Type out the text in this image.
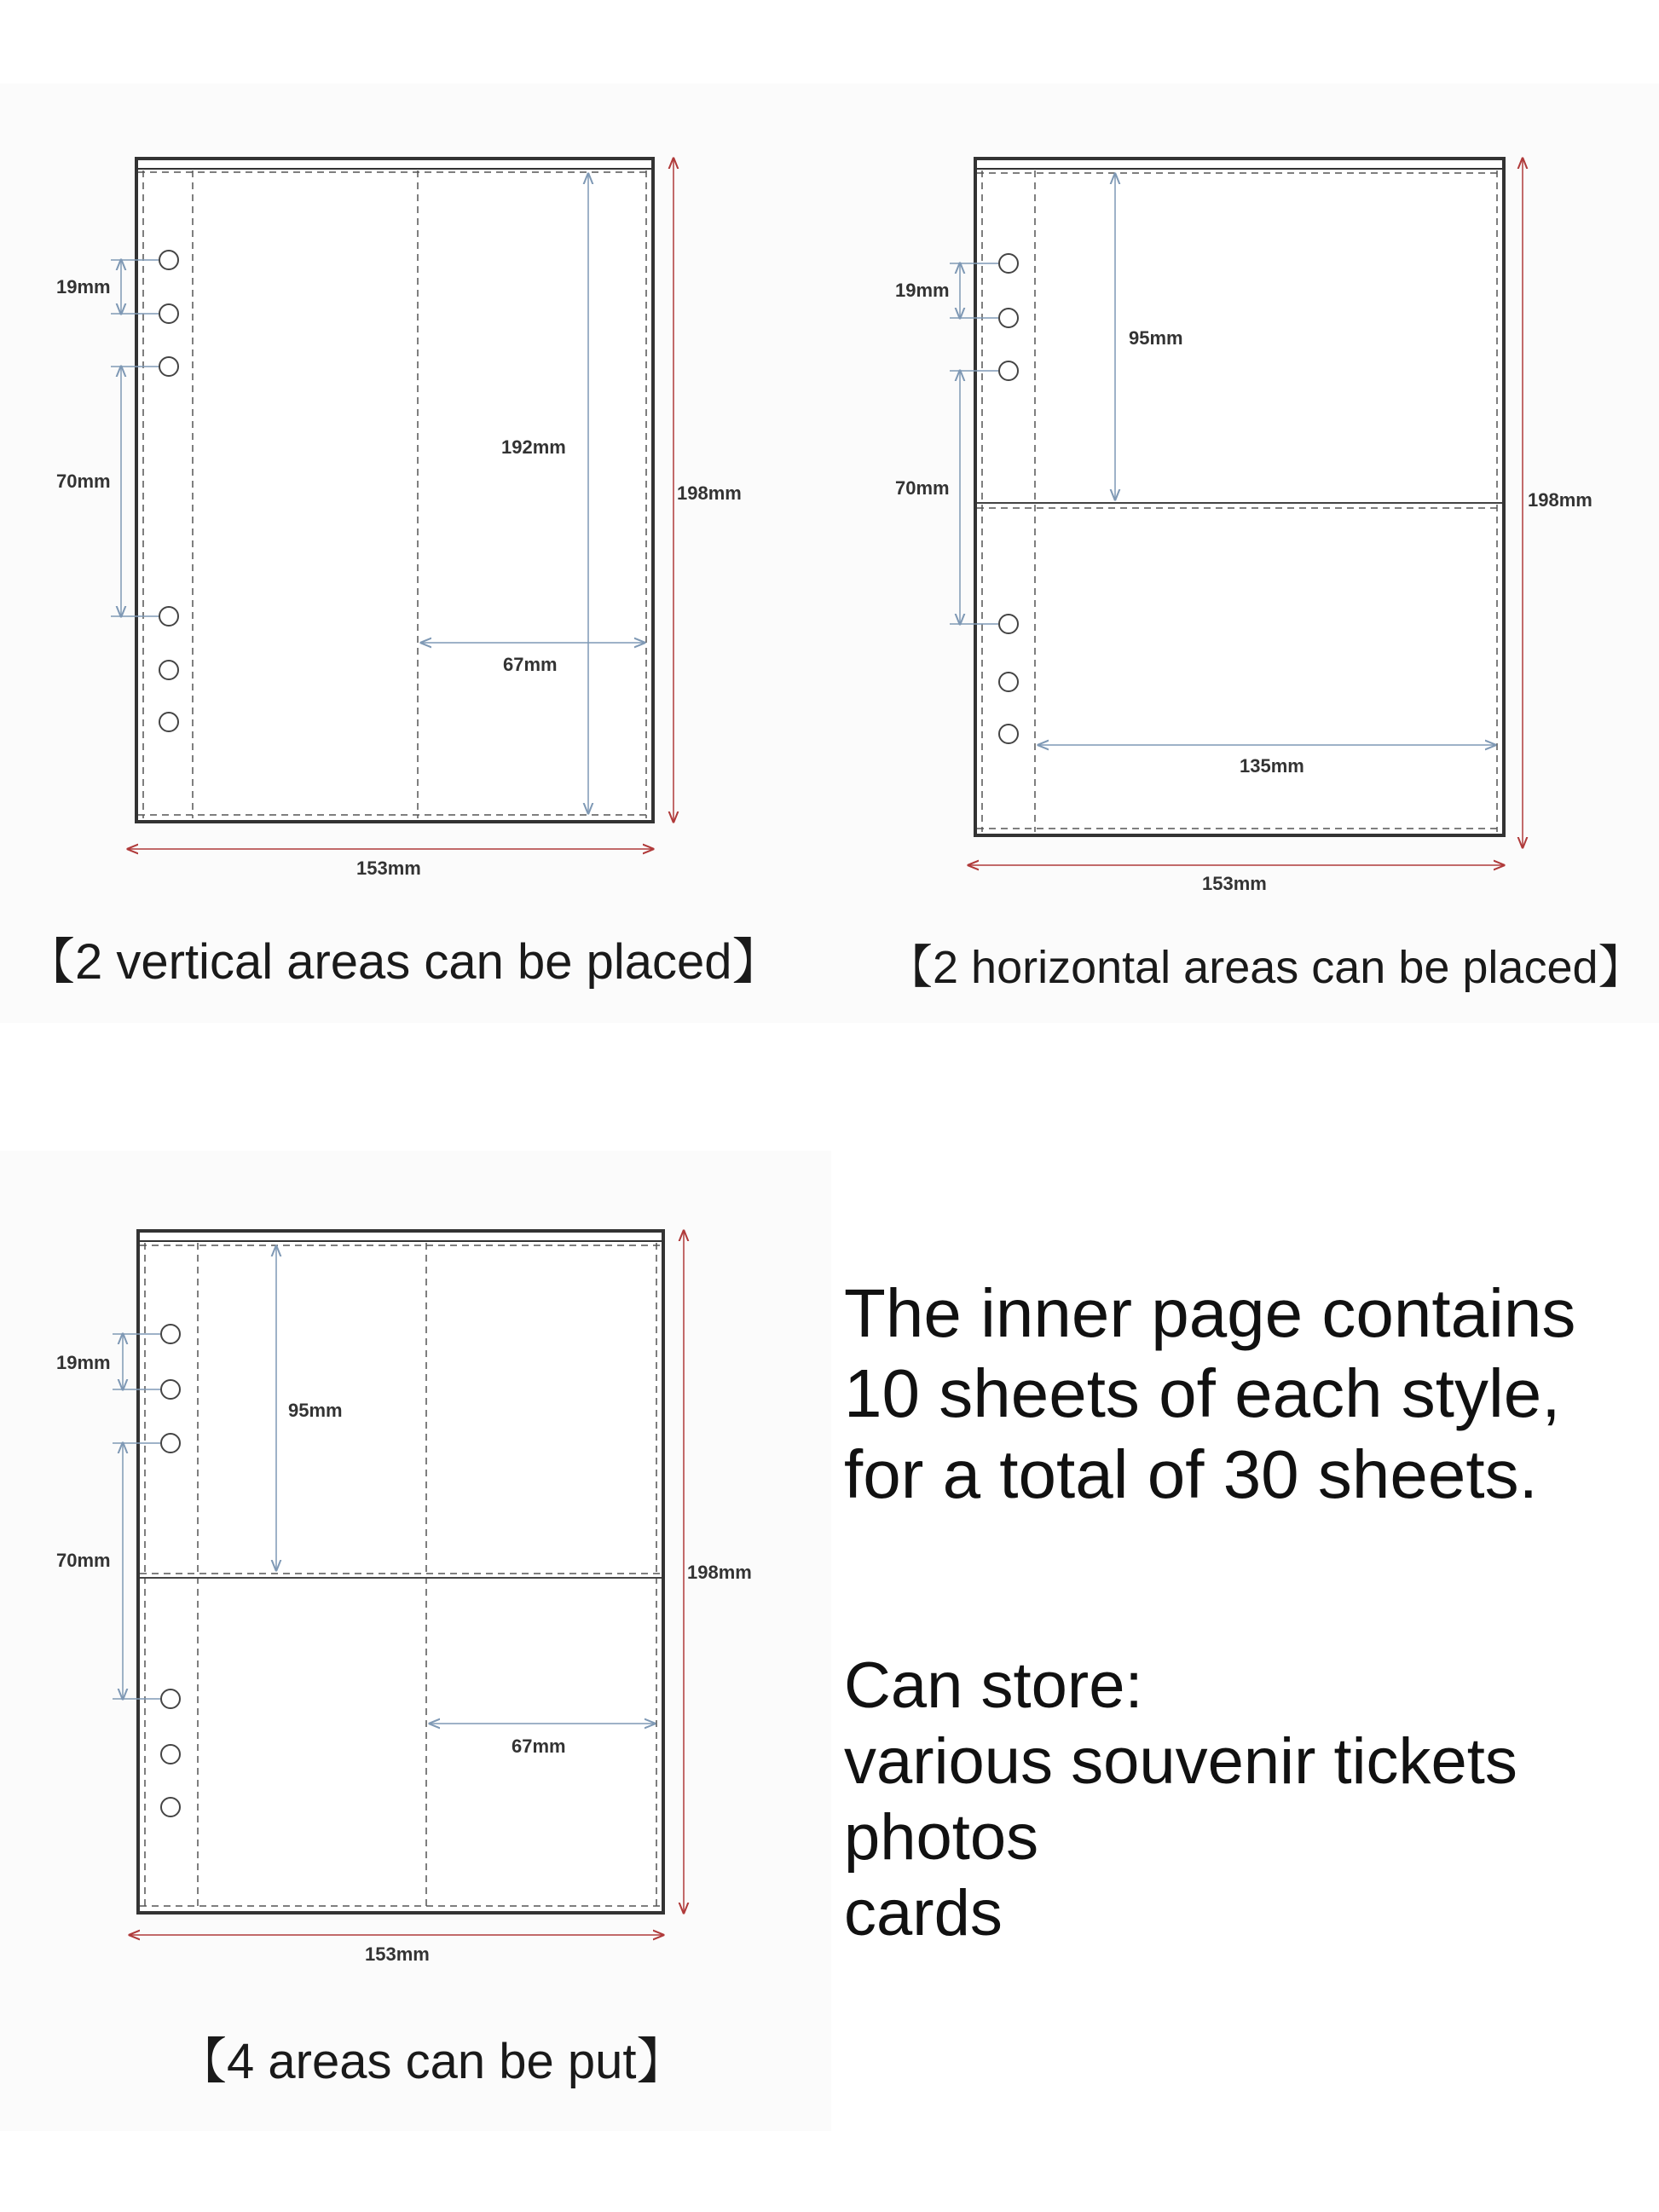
19mm
70mm
192mm
67mm
198mm
153mm
【2 vertical areas can be placed】
19mm
95mm
70mm
198mm
135mm
153mm
【2 horizontal areas can be placed】
19mm
95mm
70mm
198mm
67mm
153mm
【4 areas can be put】
The inner page contains
10 sheets of each style,
for a total of 30 sheets.
Can store:
various souvenir tickets
photos
cards
